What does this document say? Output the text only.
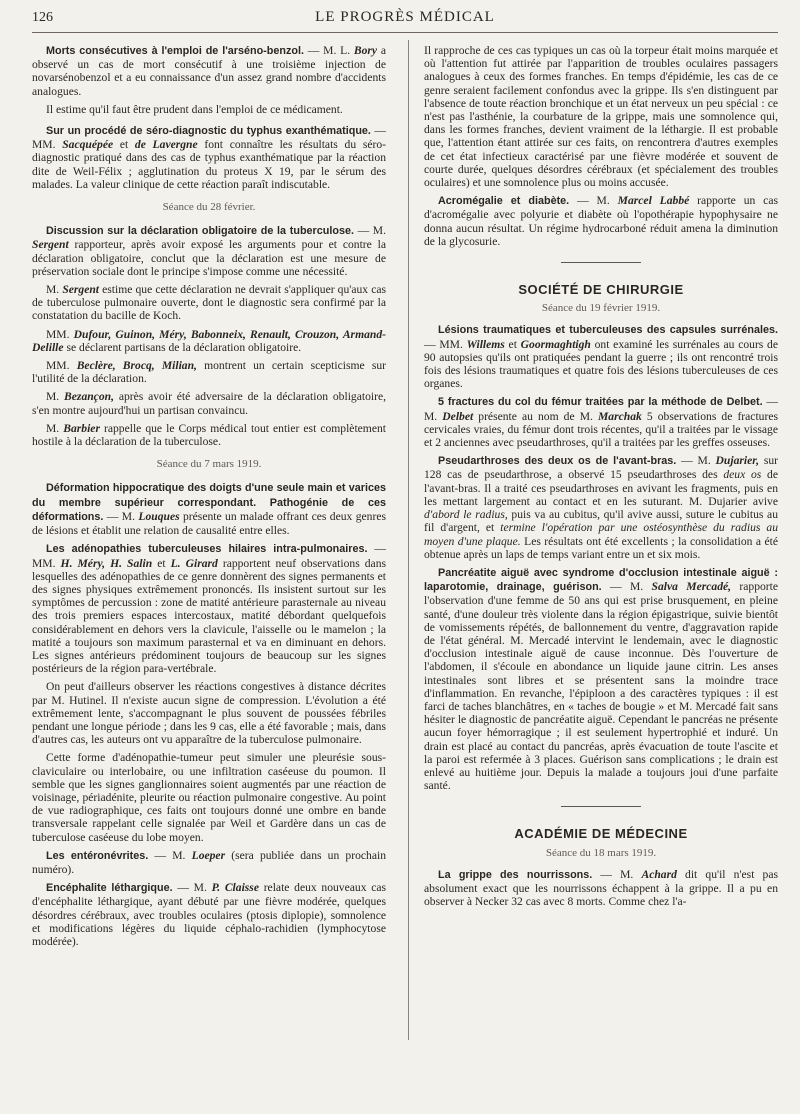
126	LE PROGRÈS MÉDICAL

Morts consécutives à l'emploi de l'arséno-benzol. — M. L. Bory a observé un cas de mort consécutif à une troisième injection de novarsénobenzol et a eu connaissance d'un assez grand nombre d'accidents analogues.

Il estime qu'il faut être prudent dans l'emploi de ce médicament.

Sur un procédé de séro-diagnostic du typhus exanthématique. — MM. Sacquépée et de Lavergne font connaître les résultats du séro-diagnostic pratiqué dans des cas de typhus exanthématique par la réaction dite de Weil-Félix ; agglutination du proteus X 19, par le sérum des malades. La valeur clinique de cette réaction paraît indiscutable.

Séance du 28 février.

Discussion sur la déclaration obligatoire de la tuberculose. — M. Sergent rapporteur, après avoir exposé les arguments pour et contre la déclaration obligatoire, conclut que la déclaration est une mesure de préservation sociale dont le principe s'impose comme une nécessité.

M. Sergent estime que cette déclaration ne devrait s'appliquer qu'aux cas de tuberculose pulmonaire ouverte, dont le diagnostic sera confirmé par la constatation du bacille de Koch.

MM. Dufour, Guinon, Méry, Babonneix, Renault, Crouzon, Armand-Delille se déclarent partisans de la déclaration obligatoire.

MM. Beclère, Brocq, Milian, montrent un certain scepticisme sur l'utilité de la déclaration.

M. Bezançon, après avoir été adversaire de la déclaration obligatoire, s'en montre aujourd'hui un partisan convaincu.

M. Barbier rappelle que le Corps médical tout entier est complètement hostile à la déclaration de la tuberculose.

Séance du 7 mars 1919.

Déformation hippocratique des doigts d'une seule main et varices du membre supérieur correspondant. Pathogénie de ces déformations. — M. Louques présente un malade offrant ces deux genres de lésions et établit une relation de causalité entre elles.

Les adénopathies tuberculeuses hilaires intra-pulmonaires. — MM. H. Méry, H. Salin et L. Girard rapportent neuf observations dans lesquelles des adénopathies de ce genre donnèrent des signes permanents et des signes physiques extrêmement prononcés. Ils insistent surtout sur les symptômes de percussion : zone de matité antérieure parasternale au niveau des trois premiers espaces intercostaux, matité débordant quelquefois considérablement en dehors vers la clavicule, l'aisselle ou le mamelon ; la matité a toujours son maximum parasternal et va en diminuant en dehors. Les signes antérieurs prédominent toujours de beaucoup sur les signes postérieurs de la région para-vertébrale.

On peut d'ailleurs observer les réactions congestives à distance décrites par M. Hutinel. Il n'existe aucun signe de compression. L'évolution a été extrêmement lente, s'accompagnant le plus souvent de poussées fébriles pendant une longue période ; dans les 9 cas, elle a été favorable ; mais, dans d'autres cas, les auteurs ont vu apparaître de la tuberculose pulmonaire.

Cette forme d'adénopathie-tumeur peut simuler une pleurésie sous-claviculaire ou interlobaire, ou une infiltration caséeuse du poumon. Il semble que les signes ganglionnaires soient augmentés par une réaction de voisinage, périadénite, pleurite ou réaction pulmonaire congestive. Au point de vue radiographique, ces faits ont toujours donné une ombre en bande transversale rappelant celle signalée par Weil et Gardère dans un cas de tuberculose caséeuse du lobe moyen.

Les entéronévrites. — M. Loeper (sera publiée dans un prochain numéro).

Encéphalite léthargique. — M. P. Claisse relate deux nouveaux cas d'encéphalite léthargique, ayant débuté par une fièvre modérée, quelques désordres cérébraux, avec troubles oculaires (ptosis diplopie), somnolence et modifications légères du liquide céphalo-rachidien (lymphocytose modérée).

Il rapproche de ces cas typiques un cas où la torpeur était moins marquée et où l'attention fut attirée par l'apparition de troubles oculaires passagers analogues à ceux des formes franches. En temps d'épidémie, les cas de ce genre seraient facilement confondus avec la grippe. Ils s'en distinguent par l'absence de toute réaction bronchique et un état nerveux un peu spécial : ce n'est pas l'asthénie, la courbature de la grippe, mais une somnolence qui, dans les formes franches, devient vraiment de la léthargie. Il est probable que, l'attention étant attirée sur ces faits, on rencontrera d'autres exemples de cet état infectieux caractérisé par une fièvre modérée et souvent de courte durée, quelques désordres cérébraux (et spécialement des troubles oculaires) et une somnolence plus ou moins accusée.

Acromégalie et diabète. — M. Marcel Labbé rapporte un cas d'acromégalie avec polyurie et diabète où l'opothérapie hypophysaire ne donna aucun résultat. Un régime hydrocarboné réduit amena la diminution de la glycosurie.

SOCIÉTÉ DE CHIRURGIE
Séance du 19 février 1919.

Lésions traumatiques et tuberculeuses des capsules surrénales. — MM. Willems et Goormaghtigh ont examiné les surrénales au cours de 90 autopsies qu'ils ont pratiquées pendant la guerre ; ils ont rencontré trois fois des lésions traumatiques et quatre fois des lésions tuberculeuses de ces organes.

5 fractures du col du fémur traitées par la méthode de Delbet. — M. Delbet présente au nom de M. Marchak 5 observations de fractures cervicales vraies, du fémur dont trois récentes, qu'il a traitées par le vissage et 2 anciennes avec pseudarthroses, qu'il a traitées par les greffes osseuses.

Pseudarthroses des deux os de l'avant-bras. — M. Dujarier, sur 128 cas de pseudarthrose, a observé 15 pseudarthroses des deux os de l'avant-bras. Il a traité ces pseudarthroses en avivant les fragments, puis en les mettant largement au contact et en les suturant. M. Dujarier avive d'abord le radius, puis va au cubitus, qu'il avive aussi, suture le cubitus au fil d'argent, et termine l'opération par une ostéosynthèse du radius au moyen d'une plaque. Les résultats ont été excellents ; la consolidation a été obtenue après un laps de temps variant entre un et six mois.

Pancréatite aiguë avec syndrome d'occlusion intestinale aiguë : laparotomie, drainage, guérison. — M. Salva Mercadé, rapporte l'observation d'une femme de 50 ans qui est prise brusquement, en pleine santé, d'une douleur très violente dans la région épigastrique, suivie bientôt de vomissements répétés, de ballonnement du ventre, d'aggravation rapide de l'état général. M. Mercadé intervint le lendemain, avec le diagnostic d'occlusion intestinale aiguë de cause inconnue. Dès l'ouverture de l'abdomen, il s'écoule en abondance un liquide jaune citrin. Les anses intestinales sont libres et se présentent sans la moindre trace d'inflammation. En revanche, l'épiploon a des caractères typiques : il est farci de taches blanchâtres, en « taches de bougie » et M. Mercadé fait sans hésiter le diagnostic de pancréatite aiguë. Cependant le pancréas ne présente aucun foyer hémorragique ; il est seulement hypertrophié et induré. Un drain est placé au contact du pancréas, après évacuation de toute l'ascite et la paroi est refermée à 3 places. Guérison sans complications ; le drain est enlevé au huitième jour. Depuis la malade a toujours joui d'une parfaite santé.

ACADÉMIE DE MÉDECINE
Séance du 18 mars 1919.

La grippe des nourrissons. — M. Achard dit qu'il n'est pas absolument exact que les nourrissons échappent à la grippe. Il a pu en observer à Necker 32 cas avec 8 morts. Comme chez l'a-
